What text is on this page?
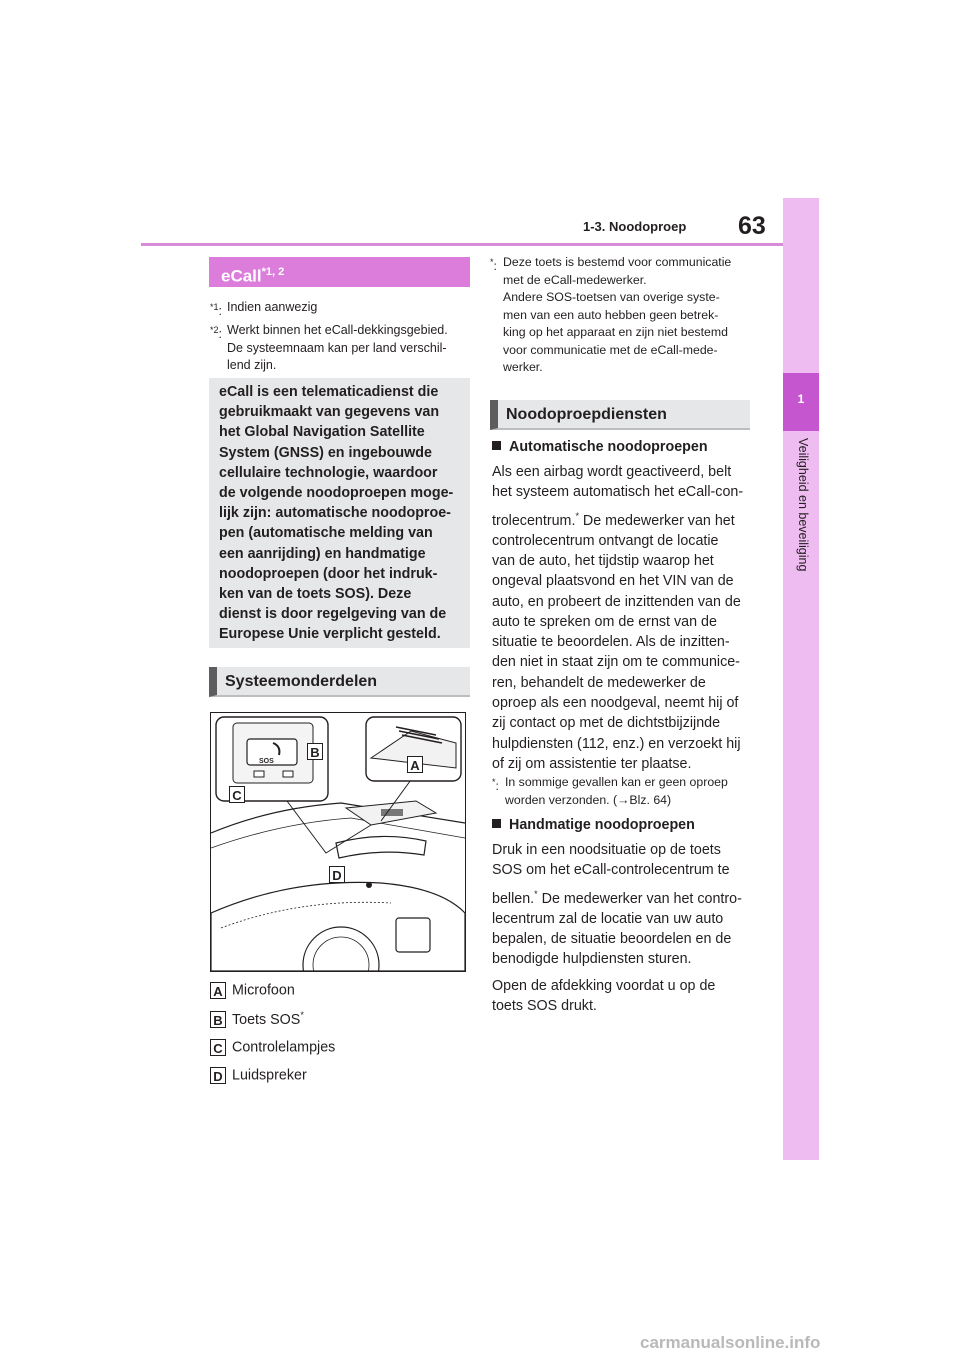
1-3. Noodoproep 63
1
Veiligheid en beveiliging
eCall$^{*1, 2}$
$^{*1}$: Indien aanwezig
$^{*2}$: Werkt binnen het eCall-dekkingsgebied.
De systeemnaam kan per land verschil-
lend zijn.
eCall is een telematicadienst die
gebruikmaakt van gegevens van
het Global Navigation Satellite
System (GNSS) en ingebouwde
cellulaire technologie, waardoor
de volgende noodoproepen moge-
lijk zijn: automatische noodoproe-
pen (automatische melding van
een aanrijding) en handmatige
noodoproepen (door het indruk-
ken van de toets SOS). Deze
dienst is door regelgeving van de
Europese Unie verplicht gesteld.
Systeemonderdelen
SOS
B
C
A
D
A Microfoon
B Toets SOS*
C Controlelampjes
D Luidspreker
*: Deze toets is bestemd voor communicatie
met de eCall-medewerker.
Andere SOS-toetsen van overige syste-
men van een auto hebben geen betrek-
king op het apparaat en zijn niet bestemd
voor communicatie met de eCall-mede-
werker.
Noodoproepdiensten
Automatische noodoproepen
Als een airbag wordt geactiveerd, belt
het systeem automatisch het eCall-con-
trolecentrum.* De medewerker van het
controlecentrum ontvangt de locatie
van de auto, het tijdstip waarop het
ongeval plaatsvond en het VIN van de
auto, en probeert de inzittenden van de
auto te spreken om de ernst van de
situatie te beoordelen. Als de inzitten-
den niet in staat zijn om te communice-
ren, behandelt de medewerker de
oproep als een noodgeval, neemt hij of
zij contact op met de dichtstbijzijnde
hulpdiensten (112, enz.) en verzoekt hij
of zij om assistentie ter plaatse.
*: In sommige gevallen kan er geen oproep
worden verzonden. (→Blz. 64)
Handmatige noodoproepen
Druk in een noodsituatie op de toets
SOS om het eCall-controlecentrum te
bellen.* De medewerker van het contro-
lecentrum zal de locatie van uw auto
bepalen, de situatie beoordelen en de
benodigde hulpdiensten sturen.
Open de afdekking voordat u op de
toets SOS drukt.
carmanualsonline.info
